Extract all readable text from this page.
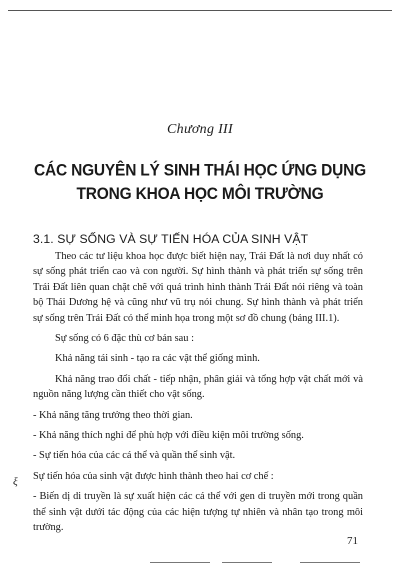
Chương III
CÁC NGUYÊN LÝ SINH THÁI HỌC ỨNG DỤNG
TRONG KHOA HỌC MÔI TRƯỜNG
3.1. SỰ SỐNG VÀ SỰ TIẾN HÓA CỦA SINH VẬT

Theo các tư liệu khoa học được biết hiện nay, Trái Đất là nơi duy nhất có sự sống phát triển cao và con người. Sự hình thành và phát triển sự sống trên Trái Đất liên quan chặt chẽ với quá trình hình thành Trái Đất nói riêng và toàn bộ Thái Dương hệ và cũng như vũ trụ nói chung. Sự hình thành và phát triển sự sống trên Trái Đất có thể minh họa trong một sơ đồ chung (bảng III.1).

Sự sống có 6 đặc thù cơ bản sau :

Khả năng tái sinh - tạo ra các vật thể giống mình.

Khả năng trao đổi chất - tiếp nhận, phân giải và tổng hợp vật chất mới và nguồn năng lượng cần thiết cho vật sống.

- Khả năng tăng trưởng theo thời gian.

- Khả năng thích nghi để phù hợp với điều kiện môi trường sống.

- Sự tiến hóa của các cá thể và quần thể sinh vật.

Sự tiến hóa của sinh vật được hình thành theo hai cơ chế :

- Biến dị di truyền là sự xuất hiện các cá thể với gen di truyền mới trong quần thể sinh vật dưới tác động của các hiện tượng tự nhiên và nhân tạo trong môi trường.

ξ
71
